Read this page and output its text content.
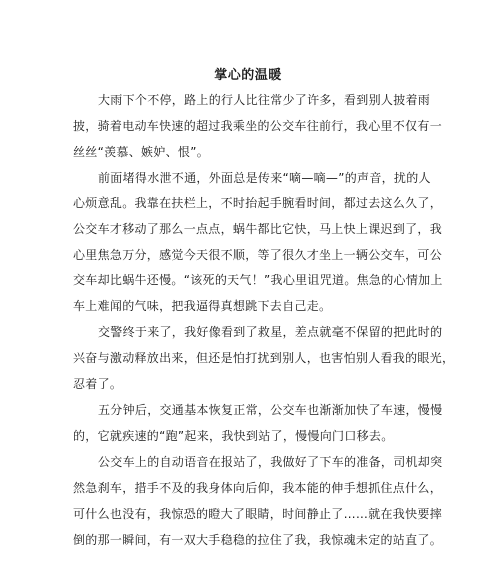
掌心的温暖
大雨下个不停，路上的行人比往常少了许多，看到别人披着雨
披，骑着电动车快速的超过我乘坐的公交车往前行，我心里不仅有一
丝丝“羡慕、嫉妒、恨”。
前面堵得水泄不通，外面总是传来“嘀—嘀—”的声音，扰的人
心烦意乱。我靠在扶栏上，不时抬起手腕看时间，都过去这么久了，
公交车才移动了那么一点点，蜗牛都比它快，马上快上课迟到了，我
心里焦急万分，感觉今天很不顺，等了很久才坐上一辆公交车，可公
交车却比蜗牛还慢。“该死的天气！”我心里诅咒道。焦急的心情加上
车上难闻的气味，把我逼得真想跳下去自己走。
交警终于来了，我好像看到了救星，差点就毫不保留的把此时的
兴奋与激动释放出来，但还是怕打扰到别人，也害怕别人看我的眼光，
忍着了。
五分钟后，交通基本恢复正常，公交车也渐渐加快了车速，慢慢
的，它就疾速的“跑”起来，我快到站了，慢慢向门口移去。
公交车上的自动语音在报站了，我做好了下车的准备，司机却突
然急刹车，措手不及的我身体向后仰，我本能的伸手想抓住点什么，
可什么也没有，我惊恐的瞪大了眼睛，时间静止了……就在我快要摔
倒的那一瞬间，有一双大手稳稳的拉住了我，我惊魂未定的站直了。
